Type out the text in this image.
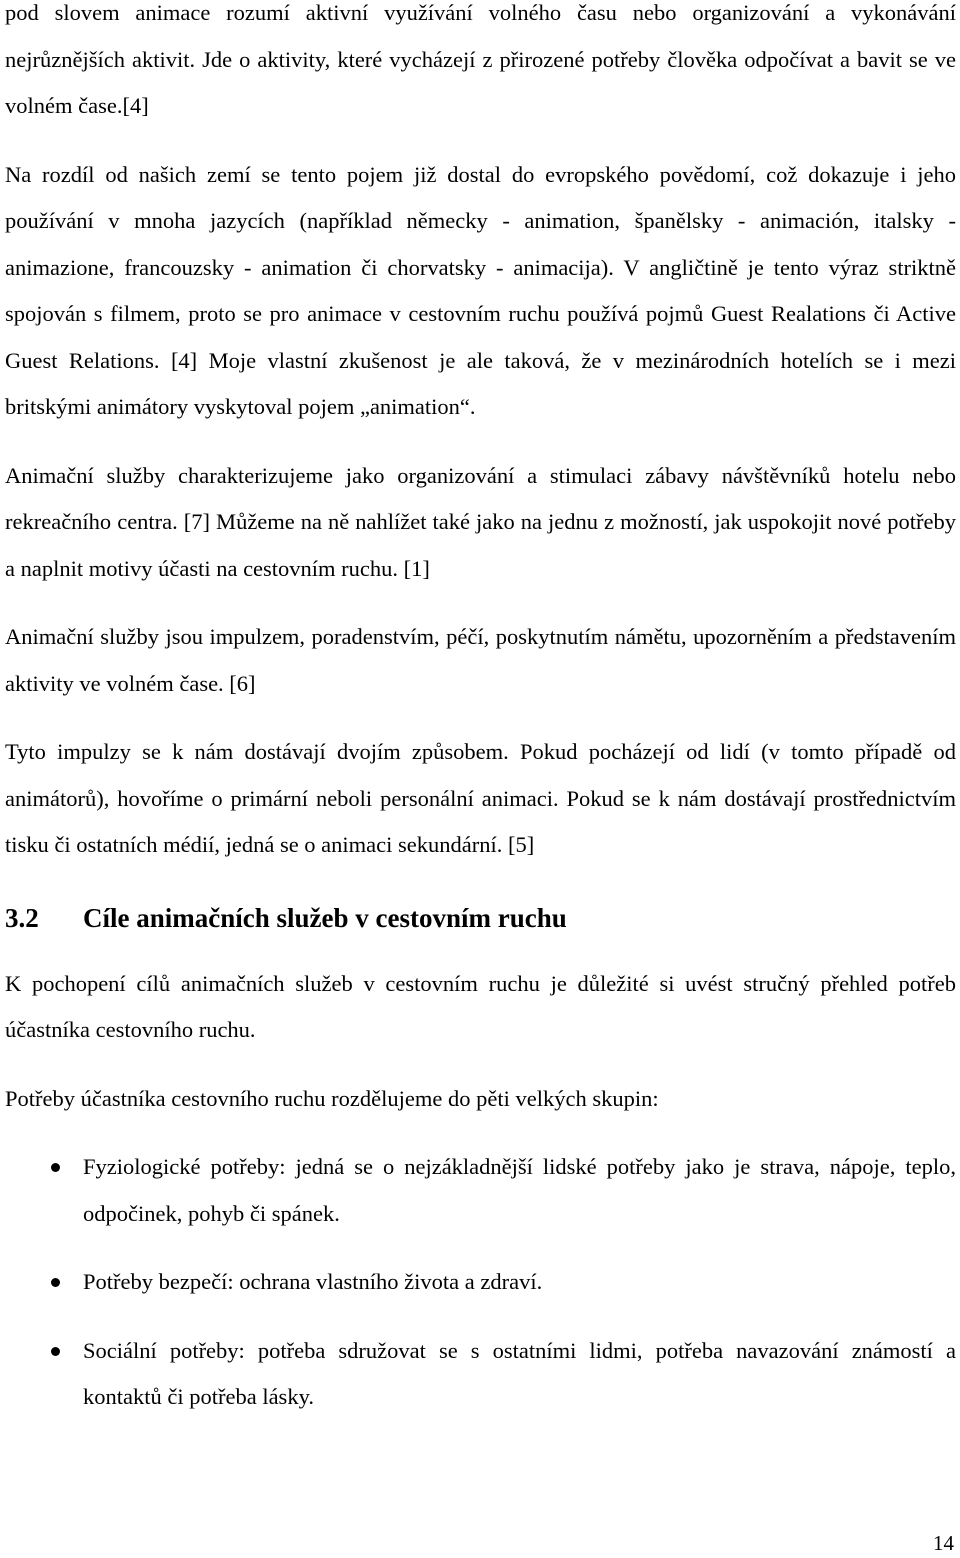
pod slovem animace rozumí aktivní využívání volného času nebo organizování a vykonávání nejrůznějších aktivit. Jde o aktivity, které vycházejí z přirozené potřeby člověka odpočívat a bavit se ve volném čase.[4]

Na rozdíl od našich zemí se tento pojem již dostal do evropského povědomí, což dokazuje i jeho používání v mnoha jazycích (například německy - animation, španělsky - animación, italsky - animazione, francouzsky - animation či chorvatsky - animacija). V angličtině je tento výraz striktně spojován s filmem, proto se pro animace v cestovním ruchu používá pojmů Guest Realations či Active Guest Relations. [4] Moje vlastní zkušenost je ale taková, že v mezinárodních hotelích se i mezi britskými animátory vyskytoval pojem „animation“.

Animační služby charakterizujeme jako organizování a stimulaci zábavy návštěvníků hotelu nebo rekreačního centra. [7] Můžeme na ně nahlížet také jako na jednu z možností, jak uspokojit nové potřeby a naplnit motivy účasti na cestovním ruchu. [1]

Animační služby jsou impulzem, poradenstvím, péčí, poskytnutím námětu, upozorněním a představením aktivity ve volném čase. [6]

Tyto impulzy se k nám dostávají dvojím způsobem. Pokud pocházejí od lidí (v tomto případě od animátorů), hovoříme o primární neboli personální animaci. Pokud se k nám dostávají prostřednictvím tisku či ostatních médií, jedná se o animaci sekundární. [5]

3.2	Cíle animačních služeb v cestovním ruchu

K pochopení cílů animačních služeb v cestovním ruchu je důležité si uvést stručný přehled potřeb účastníka cestovního ruchu.

Potřeby účastníka cestovního ruchu rozdělujeme do pěti velkých skupin:

Fyziologické potřeby: jedná se o nejzákladnější lidské potřeby jako je strava, nápoje, teplo, odpočinek, pohyb či spánek.
Potřeby bezpečí: ochrana vlastního života a zdraví.
Sociální potřeby: potřeba sdružovat se s ostatními lidmi, potřeba navazování známostí a kontaktů či potřeba lásky.
14
